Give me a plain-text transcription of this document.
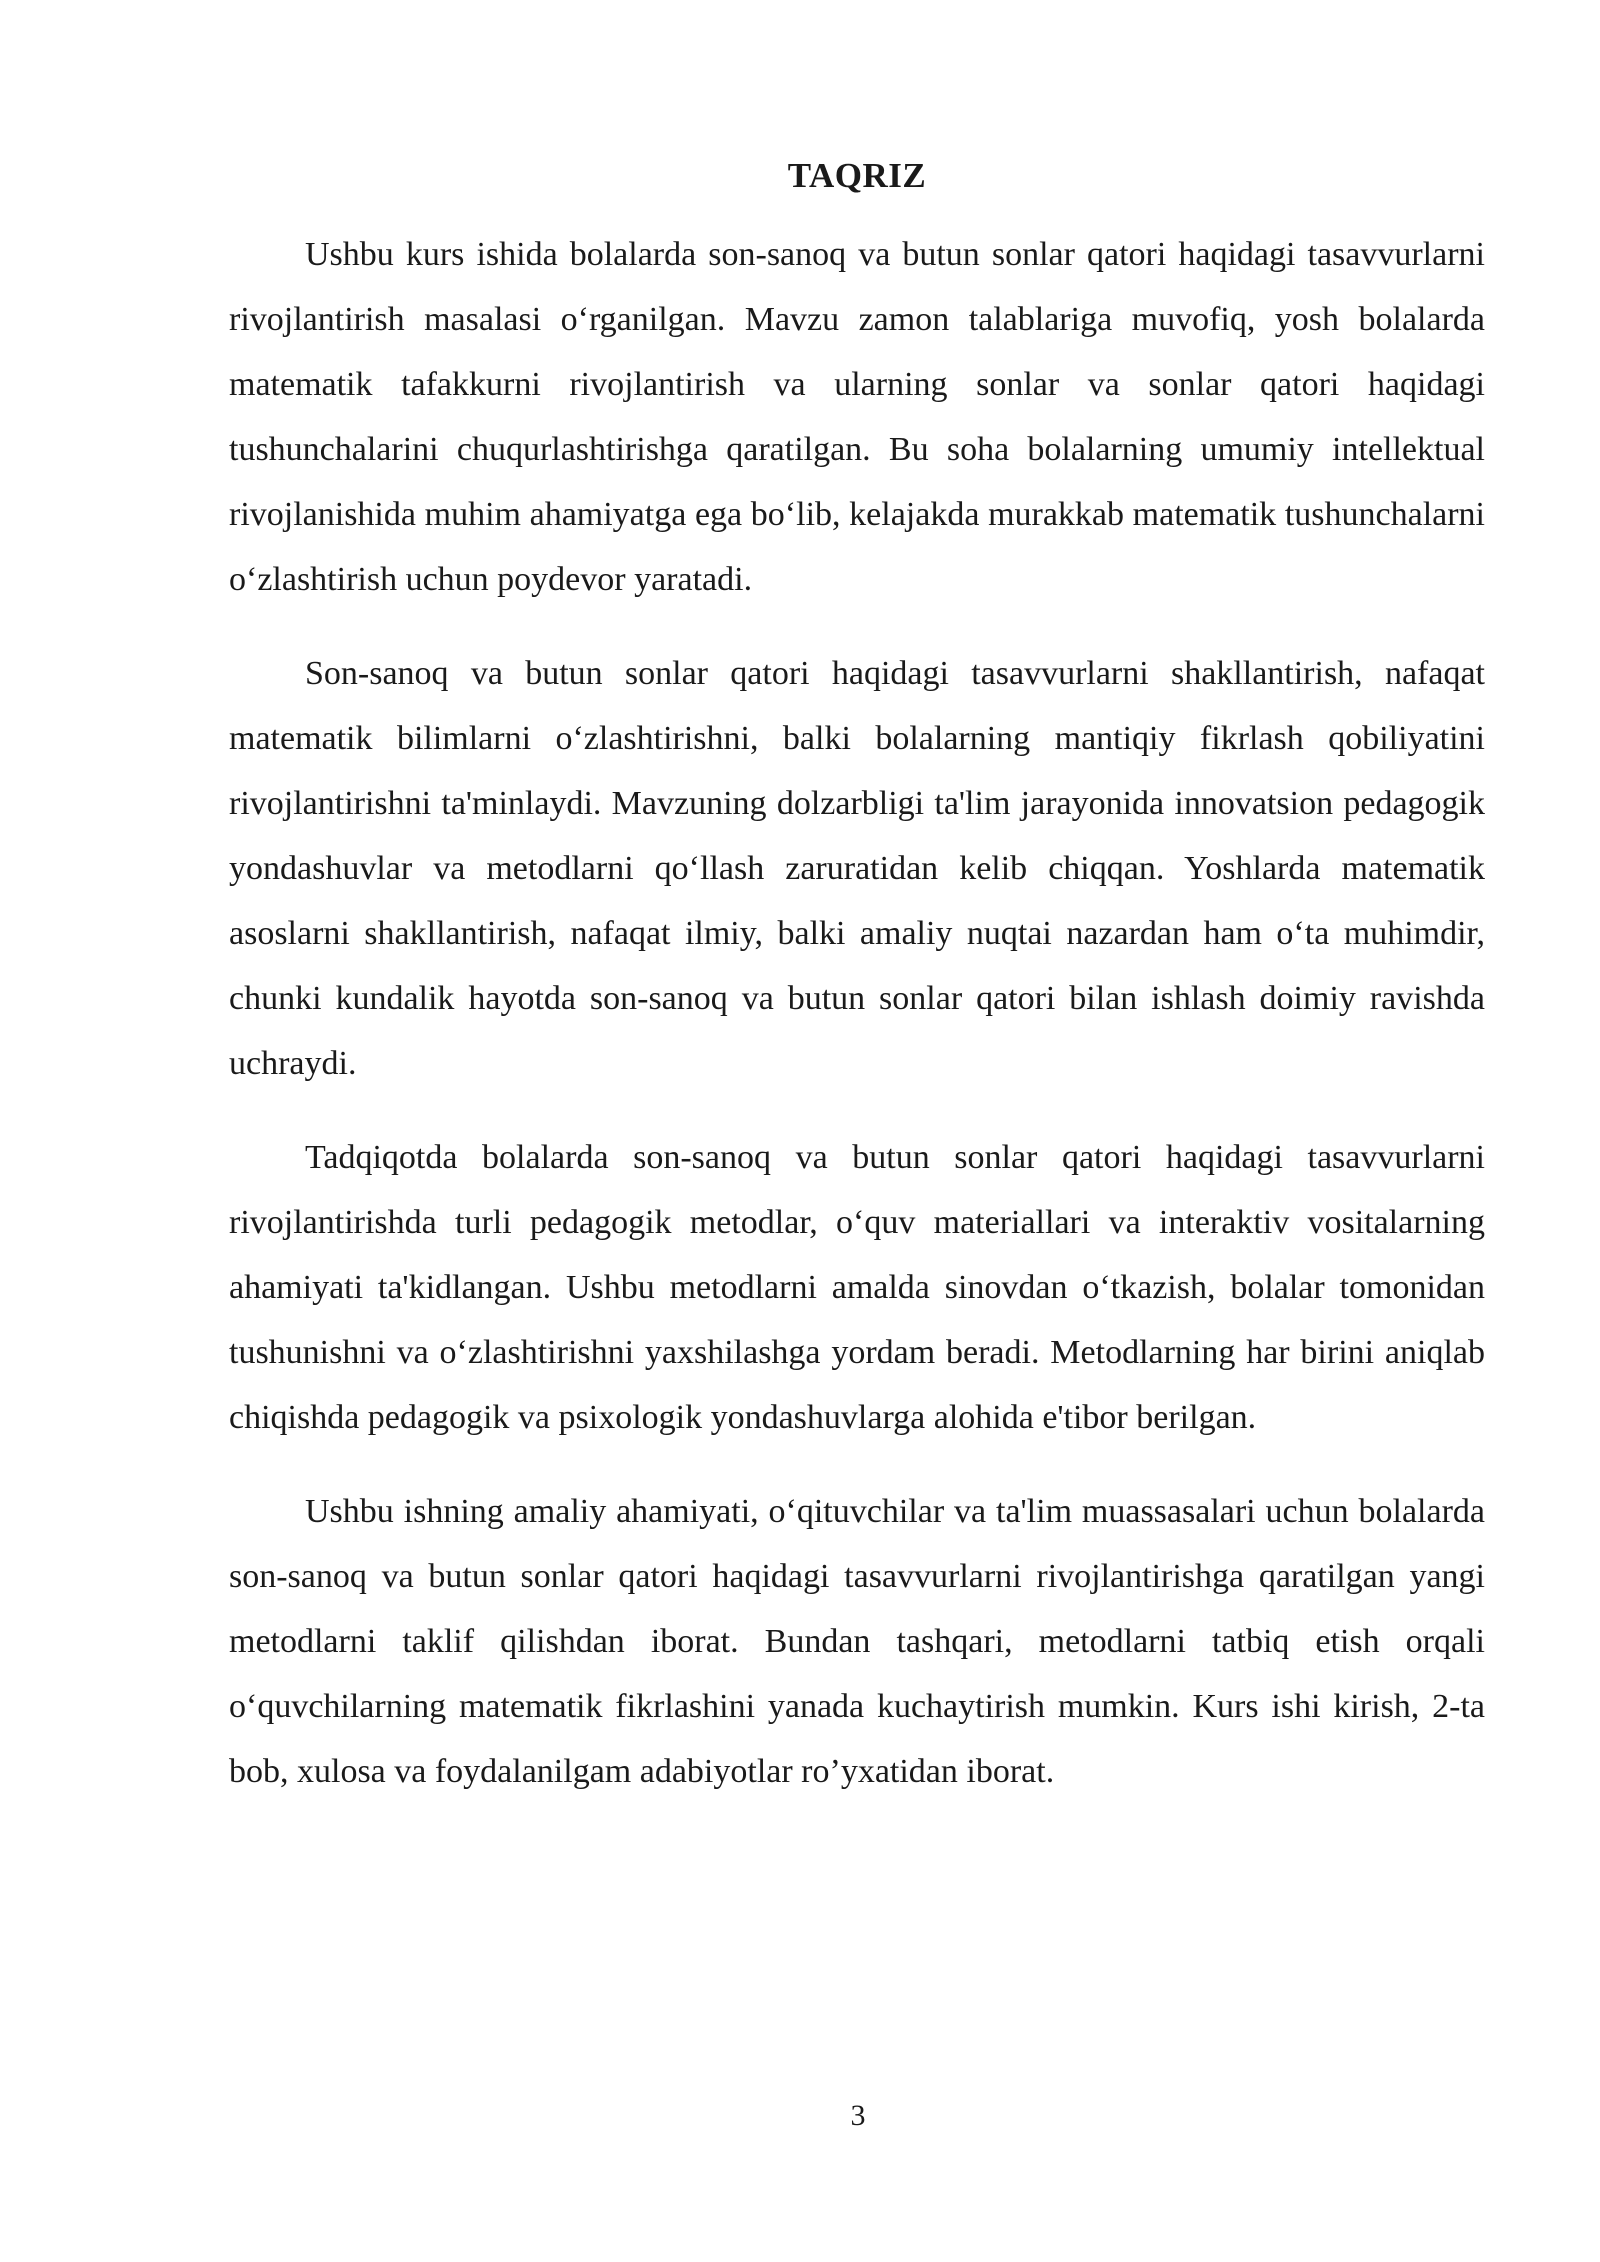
TAQRIZ

Ushbu kurs ishida bolalarda son-sanoq va butun sonlar qatori haqidagi tasavvurlarni rivojlantirish masalasi o‘rganilgan. Mavzu zamon talablariga muvofiq, yosh bolalarda matematik tafakkurni rivojlantirish va ularning sonlar va sonlar qatori haqidagi tushunchalarini chuqurlashtirishga qaratilgan. Bu soha bolalarning umumiy intellektual rivojlanishida muhim ahamiyatga ega bo‘lib, kelajakda murakkab matematik tushunchalarni o‘zlashtirish uchun poydevor yaratadi.

Son-sanoq va butun sonlar qatori haqidagi tasavvurlarni shakllantirish, nafaqat matematik bilimlarni o‘zlashtirishni, balki bolalarning mantiqiy fikrlash qobiliyatini rivojlantirishni ta'minlaydi. Mavzuning dolzarbligi ta'lim jarayonida innovatsion pedagogik yondashuvlar va metodlarni qo‘llash zaruratidan kelib chiqqan. Yoshlarda matematik asoslarni shakllantirish, nafaqat ilmiy, balki amaliy nuqtai nazardan ham o‘ta muhimdir, chunki kundalik hayotda son-sanoq va butun sonlar qatori bilan ishlash doimiy ravishda uchraydi.

Tadqiqotda bolalarda son-sanoq va butun sonlar qatori haqidagi tasavvurlarni rivojlantirishda turli pedagogik metodlar, o‘quv materiallari va interaktiv vositalarning ahamiyati ta'kidlangan. Ushbu metodlarni amalda sinovdan o‘tkazish, bolalar tomonidan tushunishni va o‘zlashtirishni yaxshilashga yordam beradi. Metodlarning har birini aniqlab chiqishda pedagogik va psixologik yondashuvlarga alohida e'tibor berilgan.

Ushbu ishning amaliy ahamiyati, o‘qituvchilar va ta'lim muassasalari uchun bolalarda son-sanoq va butun sonlar qatori haqidagi tasavvurlarni rivojlantirishga qaratilgan yangi metodlarni taklif qilishdan iborat. Bundan tashqari, metodlarni tatbiq etish orqali o‘quvchilarning matematik fikrlashini yanada kuchaytirish mumkin. Kurs ishi kirish, 2-ta bob, xulosa va foydalanilgam adabiyotlar ro’yxatidan iborat.

3
